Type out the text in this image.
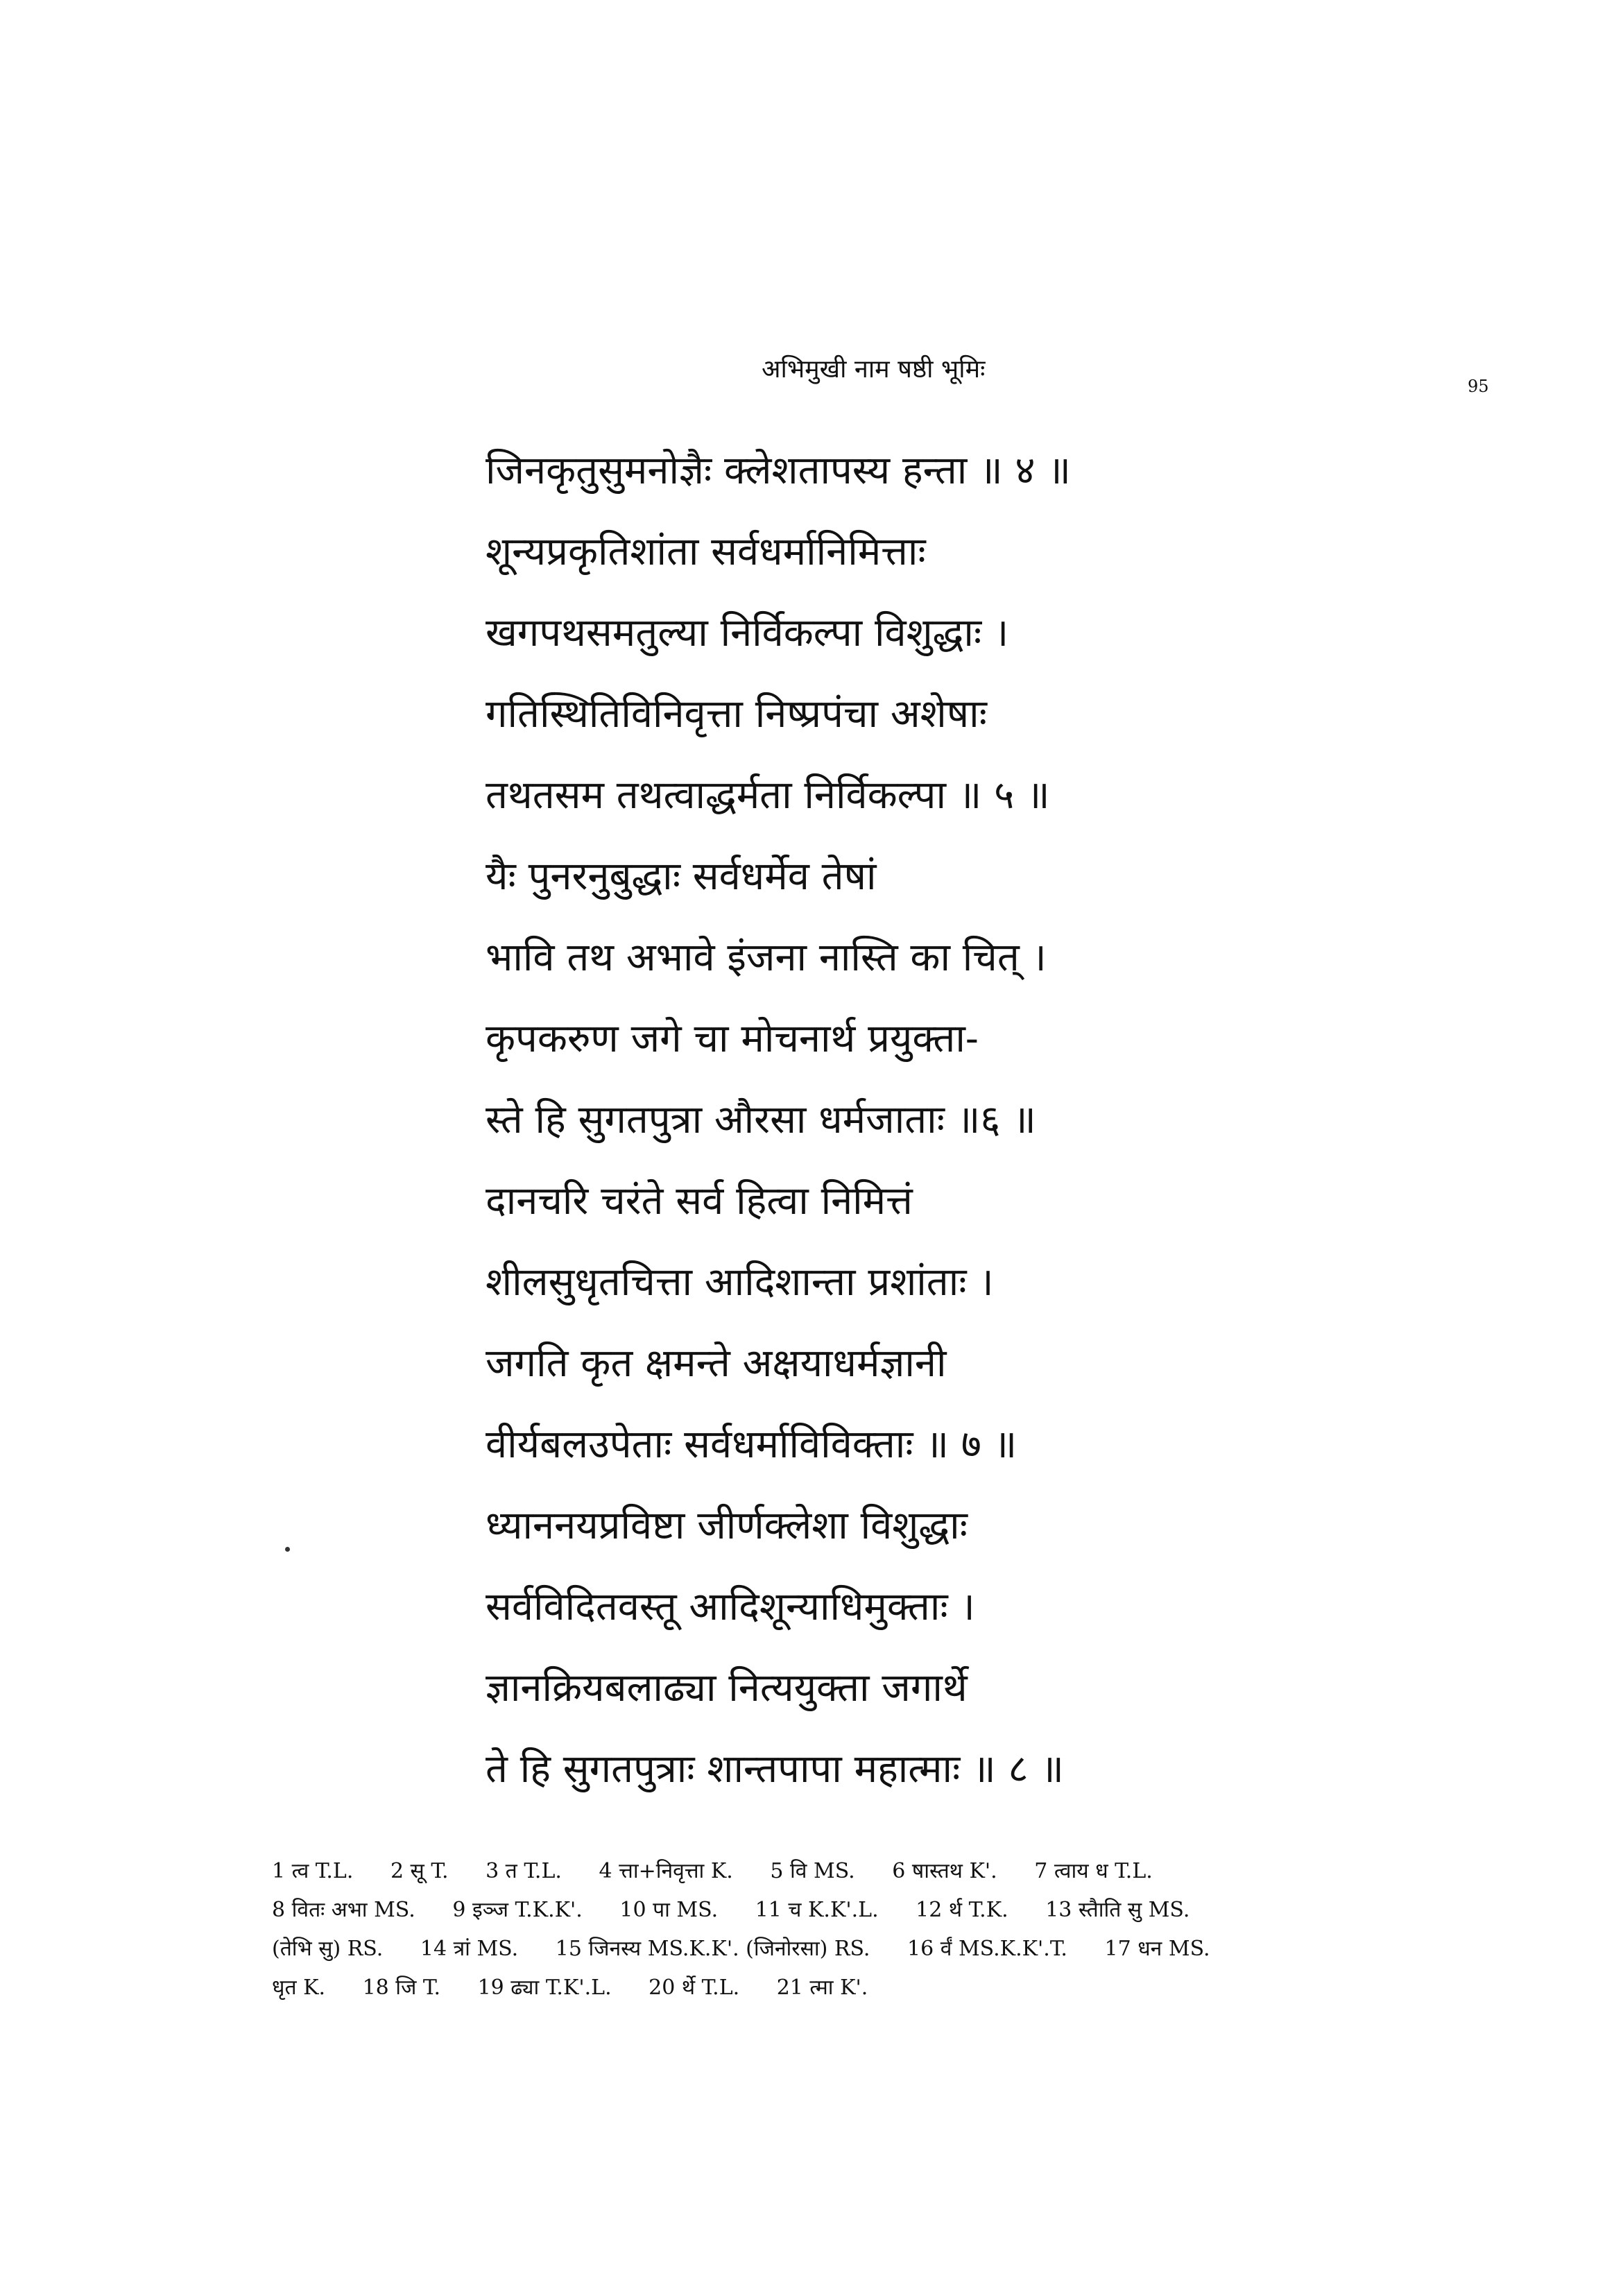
अभिमुखी नाम षष्ठी भूमिः
95
जिनकृतुसुमनोज्ञैः क्लेशतापस्य हन्ता ॥ ४ ॥
शून्यप्रकृतिशांता सर्वधर्मानिमित्ताः
खगपथसमतुल्या निर्विकल्पा विशुद्धाः ।
गतिस्थितिविनिवृत्ता निष्प्रपंचा अशेषाः
तथतसम तथत्वाद्धर्मता निर्विकल्पा ॥ ५ ॥
यैः पुनरनुबुद्धाः सर्वधर्मेव तेषां
भावि तथ अभावे इंजना नास्ति का चित् ।
कृपकरुण जगे चा मोचनार्थ प्रयुक्ता-
स्ते हि सुगतपुत्रा औरसा धर्मजाताः ॥६ ॥
दानचरि चरंते सर्व हित्वा निमित्तं
शीलसुधृतचित्ता आदिशान्ता प्रशांताः ।
जगति कृत क्षमन्ते अक्षयाधर्मज्ञानी
वीर्यबलउपेताः सर्वधर्माविविक्ताः ॥ ७ ॥
ध्याननयप्रविष्टा जीर्णक्लेशा विशुद्धाः
सर्वविदितवस्तू आदिशून्याधिमुक्ताः ।
ज्ञानक्रियबलाढ्या नित्ययुक्ता जगार्थे
ते हि सुगतपुत्राः शान्तपापा महात्माः ॥ ८ ॥
1 त्व T.L. 2 सू T. 3 त T.L. 4 त्ता+निवृत्ता K. 5 वि MS. 6 षास्तथ K'. 7 त्वाय ध T.L.
8 वितः अभा MS. 9 इञ्ज T.K.K'. 10 पा MS. 11 च K.K'.L. 12 र्थ T.K. 13 स्तैाति सु MS.
(तेभि सु) RS. 14 त्रां MS. 15 जिनस्य MS.K.K'. (जिनोरसा) RS. 16 र्वं MS.K.K'.T. 17 धन MS.
धृत K. 18 जि T. 19 ढ्या T.K'.L. 20 र्थे T.L. 21 त्मा K'.
